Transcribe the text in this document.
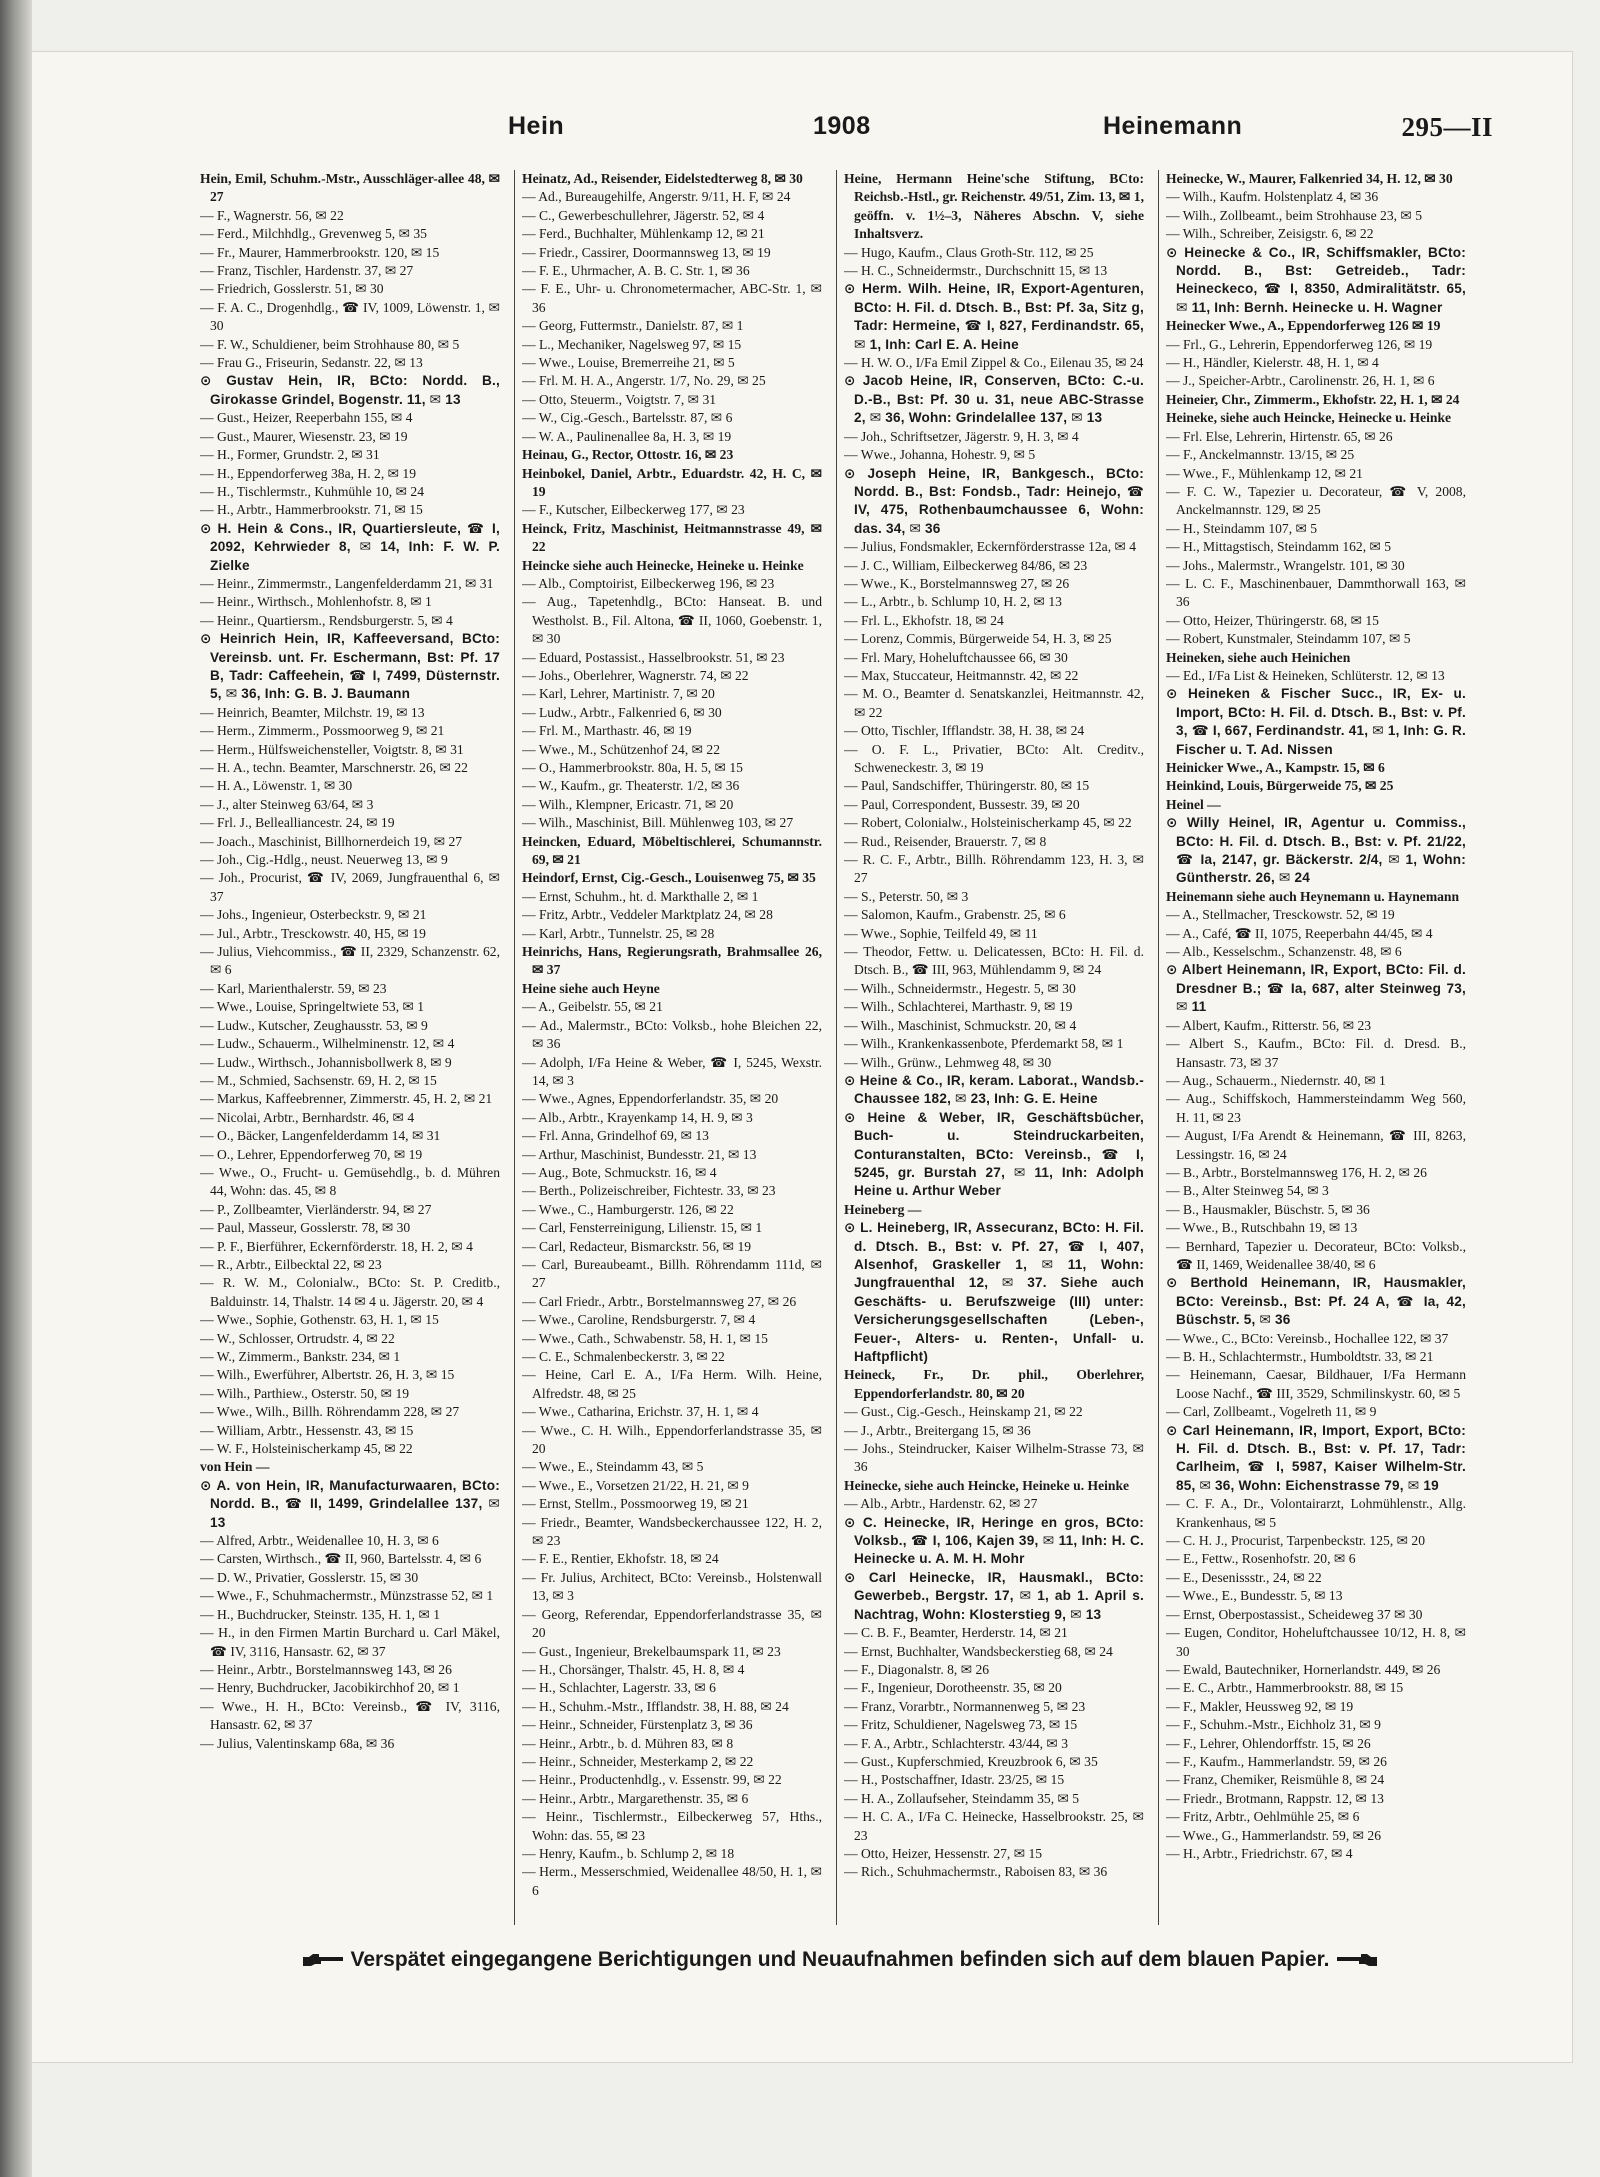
Hein	1908	Heinemann	295—II

Hein, Emil, Schuhm.-Mstr., Ausschläger-allee 48, ✉ 27

— F., Wagnerstr. 56, ✉ 22

— Ferd., Milchhdlg., Grevenweg 5, ✉ 35

— Fr., Maurer, Hammerbrookstr. 120, ✉ 15

— Franz, Tischler, Hardenstr. 37, ✉ 27

— Friedrich, Gosslerstr. 51, ✉ 30

— F. A. C., Drogenhdlg., ☎ IV, 1009, Löwenstr. 1, ✉ 30

— F. W., Schuldiener, beim Strohhause 80, ✉ 5

— Frau G., Friseurin, Sedanstr. 22, ✉ 13

⊙ Gustav Hein, IR, BCto: Nordd. B., Girokasse Grindel, Bogenstr. 11, ✉ 13

— Gust., Heizer, Reeperbahn 155, ✉ 4

— Gust., Maurer, Wiesenstr. 23, ✉ 19

— H., Former, Grundstr. 2, ✉ 31

— H., Eppendorferweg 38a, H. 2, ✉ 19

— H., Tischlermstr., Kuhmühle 10, ✉ 24

— H., Arbtr., Hammerbrookstr. 71, ✉ 15

⊙ H. Hein & Cons., IR, Quartiersleute, ☎ I, 2092, Kehrwieder 8, ✉ 14, Inh: F. W. P. Zielke

— Heinr., Zimmermstr., Langenfelderdamm 21, ✉ 31

— Heinr., Wirthsch., Mohlenhofstr. 8, ✉ 1

— Heinr., Quartiersm., Rendsburgerstr. 5, ✉ 4

⊙ Heinrich Hein, IR, Kaffeeversand, BCto: Vereinsb. unt. Fr. Eschermann, Bst: Pf. 17 B, Tadr: Caffeehein, ☎ I, 7499, Düsternstr. 5, ✉ 36, Inh: G. B. J. Baumann

— Heinrich, Beamter, Milchstr. 19, ✉ 13

— Herm., Zimmerm., Possmoorweg 9, ✉ 21

— Herm., Hülfsweichensteller, Voigtstr. 8, ✉ 31

— H. A., techn. Beamter, Marschnerstr. 26, ✉ 22

— H. A., Löwenstr. 1, ✉ 30

— J., alter Steinweg 63/64, ✉ 3

— Frl. J., Bellealliancestr. 24, ✉ 19

— Joach., Maschinist, Billhornerdeich 19, ✉ 27

— Joh., Cig.-Hdlg., neust. Neuerweg 13, ✉ 9

— Joh., Procurist, ☎ IV, 2069, Jungfrauenthal 6, ✉ 37

— Johs., Ingenieur, Osterbeckstr. 9, ✉ 21

— Jul., Arbtr., Tresckowstr. 40, H5, ✉ 19

— Julius, Viehcommiss., ☎ II, 2329, Schanzenstr. 62, ✉ 6

— Karl, Marienthalerstr. 59, ✉ 23

— Wwe., Louise, Springeltwiete 53, ✉ 1

— Ludw., Kutscher, Zeughausstr. 53, ✉ 9

— Ludw., Schauerm., Wilhelminenstr. 12, ✉ 4

— Ludw., Wirthsch., Johannisbollwerk 8, ✉ 9

— M., Schmied, Sachsenstr. 69, H. 2, ✉ 15

— Markus, Kaffeebrenner, Zimmerstr. 45, H. 2, ✉ 21

— Nicolai, Arbtr., Bernhardstr. 46, ✉ 4

— O., Bäcker, Langenfelderdamm 14, ✉ 31

— O., Lehrer, Eppendorferweg 70, ✉ 19

— Wwe., O., Frucht- u. Gemüsehdlg., b. d. Mühren 44, Wohn: das. 45, ✉ 8

— P., Zollbeamter, Vierländerstr. 94, ✉ 27

— Paul, Masseur, Gosslerstr. 78, ✉ 30

— P. F., Bierführer, Eckernförderstr. 18, H. 2, ✉ 4

— R., Arbtr., Eilbecktal 22, ✉ 23

— R. W. M., Colonialw., BCto: St. P. Creditb., Balduinstr. 14, Thalstr. 14 ✉ 4 u. Jägerstr. 20, ✉ 4

— Wwe., Sophie, Gothenstr. 63, H. 1, ✉ 15

— W., Schlosser, Ortrudstr. 4, ✉ 22

— W., Zimmerm., Bankstr. 234, ✉ 1

— Wilh., Ewerführer, Albertstr. 26, H. 3, ✉ 15

— Wilh., Parthiew., Osterstr. 50, ✉ 19

— Wwe., Wilh., Billh. Röhrendamm 228, ✉ 27

— William, Arbtr., Hessenstr. 43, ✉ 15

— W. F., Holsteinischerkamp 45, ✉ 22

von Hein —

⊙ A. von Hein, IR, Manufacturwaaren, BCto: Nordd. B., ☎ II, 1499, Grindelallee 137, ✉ 13

— Alfred, Arbtr., Weidenallee 10, H. 3, ✉ 6

— Carsten, Wirthsch., ☎ II, 960, Bartelsstr. 4, ✉ 6

— D. W., Privatier, Gosslerstr. 15, ✉ 30

— Wwe., F., Schuhmachermstr., Münzstrasse 52, ✉ 1

— H., Buchdrucker, Steinstr. 135, H. 1, ✉ 1

— H., in den Firmen Martin Burchard u. Carl Mäkel, ☎ IV, 3116, Hansastr. 62, ✉ 37

— Heinr., Arbtr., Borstelmannsweg 143, ✉ 26

— Henry, Buchdrucker, Jacobikirchhof 20, ✉ 1

— Wwe., H. H., BCto: Vereinsb., ☎ IV, 3116, Hansastr. 62, ✉ 37

— Julius, Valentinskamp 68a, ✉ 36

Heinatz, Ad., Reisender, Eidelstedterweg 8, ✉ 30

— Ad., Bureaugehilfe, Angerstr. 9/11, H. F, ✉ 24

— C., Gewerbeschullehrer, Jägerstr. 52, ✉ 4

— Ferd., Buchhalter, Mühlenkamp 12, ✉ 21

— Friedr., Cassirer, Doormannsweg 13, ✉ 19

— F. E., Uhrmacher, A. B. C. Str. 1, ✉ 36

— F. E., Uhr- u. Chronometermacher, ABC-Str. 1, ✉ 36

— Georg, Futtermstr., Danielstr. 87, ✉ 1

— L., Mechaniker, Nagelsweg 97, ✉ 15

— Wwe., Louise, Bremerreihe 21, ✉ 5

— Frl. M. H. A., Angerstr. 1/7, No. 29, ✉ 25

— Otto, Steuerm., Voigtstr. 7, ✉ 31

— W., Cig.-Gesch., Bartelsstr. 87, ✉ 6

— W. A., Paulinenallee 8a, H. 3, ✉ 19

Heinau, G., Rector, Ottostr. 16, ✉ 23

Heinbokel, Daniel, Arbtr., Eduardstr. 42, H. C, ✉ 19

— F., Kutscher, Eilbeckerweg 177, ✉ 23

Heinck, Fritz, Maschinist, Heitmannstrasse 49, ✉ 22

Heincke siehe auch Heinecke, Heineke u. Heinke

— Alb., Comptoirist, Eilbeckerweg 196, ✉ 23

— Aug., Tapetenhdlg., BCto: Hanseat. B. und Westholst. B., Fil. Altona, ☎ II, 1060, Goebenstr. 1, ✉ 30

— Eduard, Postassist., Hasselbrookstr. 51, ✉ 23

— Johs., Oberlehrer, Wagnerstr. 74, ✉ 22

— Karl, Lehrer, Martinistr. 7, ✉ 20

— Ludw., Arbtr., Falkenried 6, ✉ 30

— Frl. M., Marthastr. 46, ✉ 19

— Wwe., M., Schützenhof 24, ✉ 22

— O., Hammerbrookstr. 80a, H. 5, ✉ 15

— W., Kaufm., gr. Theaterstr. 1/2, ✉ 36

— Wilh., Klempner, Ericastr. 71, ✉ 20

— Wilh., Maschinist, Bill. Mühlenweg 103, ✉ 27

Heincken, Eduard, Möbeltischlerei, Schumannstr. 69, ✉ 21

Heindorf, Ernst, Cig.-Gesch., Louisenweg 75, ✉ 35

— Ernst, Schuhm., ht. d. Markthalle 2, ✉ 1

— Fritz, Arbtr., Veddeler Marktplatz 24, ✉ 28

— Karl, Arbtr., Tunnelstr. 25, ✉ 28

Heinrichs, Hans, Regierungsrath, Brahmsallee 26, ✉ 37

Heine siehe auch Heyne

— A., Geibelstr. 55, ✉ 21

— Ad., Malermstr., BCto: Volksb., hohe Bleichen 22, ✉ 36

— Adolph, I/Fa Heine & Weber, ☎ I, 5245, Wexstr. 14, ✉ 3

— Wwe., Agnes, Eppendorferlandstr. 35, ✉ 20

— Alb., Arbtr., Krayenkamp 14, H. 9, ✉ 3

— Frl. Anna, Grindelhof 69, ✉ 13

— Arthur, Maschinist, Bundesstr. 21, ✉ 13

— Aug., Bote, Schmuckstr. 16, ✉ 4

— Berth., Polizeischreiber, Fichtestr. 33, ✉ 23

— Wwe., C., Hamburgerstr. 126, ✉ 22

— Carl, Fensterreinigung, Lilienstr. 15, ✉ 1

— Carl, Redacteur, Bismarckstr. 56, ✉ 19

— Carl, Bureaubeamt., Billh. Röhrendamm 111d, ✉ 27

— Carl Friedr., Arbtr., Borstelmannsweg 27, ✉ 26

— Wwe., Caroline, Rendsburgerstr. 7, ✉ 4

— Wwe., Cath., Schwabenstr. 58, H. 1, ✉ 15

— C. E., Schmalenbeckerstr. 3, ✉ 22

— Heine, Carl E. A., I/Fa Herm. Wilh. Heine, Alfredstr. 48, ✉ 25

— Wwe., Catharina, Erichstr. 37, H. 1, ✉ 4

— Wwe., C. H. Wilh., Eppendorferlandstrasse 35, ✉ 20

— Wwe., E., Steindamm 43, ✉ 5

— Wwe., E., Vorsetzen 21/22, H. 21, ✉ 9

— Ernst, Stellm., Possmoorweg 19, ✉ 21

— Friedr., Beamter, Wandsbeckerchaussee 122, H. 2, ✉ 23

— F. E., Rentier, Ekhofstr. 18, ✉ 24

— Fr. Julius, Architect, BCto: Vereinsb., Holstenwall 13, ✉ 3

— Georg, Referendar, Eppendorferlandstrasse 35, ✉ 20

— Gust., Ingenieur, Brekelbaumspark 11, ✉ 23

— H., Chorsänger, Thalstr. 45, H. 8, ✉ 4

— H., Schlachter, Lagerstr. 33, ✉ 6

— H., Schuhm.-Mstr., Ifflandstr. 38, H. 88, ✉ 24

— Heinr., Schneider, Fürstenplatz 3, ✉ 36

— Heinr., Arbtr., b. d. Mühren 83, ✉ 8

— Heinr., Schneider, Mesterkamp 2, ✉ 22

— Heinr., Productenhdlg., v. Essenstr. 99, ✉ 22

— Heinr., Arbtr., Margarethenstr. 35, ✉ 6

— Heinr., Tischlermstr., Eilbeckerweg 57, Hths., Wohn: das. 55, ✉ 23

— Henry, Kaufm., b. Schlump 2, ✉ 18

— Herm., Messerschmied, Weidenallee 48/50, H. 1, ✉ 6

Heine, Hermann Heine'sche Stiftung, BCto: Reichsb.-Hstl., gr. Reichenstr. 49/51, Zim. 13, ✉ 1, geöffn. v. 1½–3, Näheres Abschn. V, siehe Inhaltsverz.

— Hugo, Kaufm., Claus Groth-Str. 112, ✉ 25

— H. C., Schneidermstr., Durchschnitt 15, ✉ 13

⊙ Herm. Wilh. Heine, IR, Export-Agenturen, BCto: H. Fil. d. Dtsch. B., Bst: Pf. 3a, Sitz g, Tadr: Hermeine, ☎ I, 827, Ferdinandstr. 65, ✉ 1, Inh: Carl E. A. Heine

— H. W. O., I/Fa Emil Zippel & Co., Eilenau 35, ✉ 24

⊙ Jacob Heine, IR, Conserven, BCto: C.-u. D.-B., Bst: Pf. 30 u. 31, neue ABC-Strasse 2, ✉ 36, Wohn: Grindelallee 137, ✉ 13

— Joh., Schriftsetzer, Jägerstr. 9, H. 3, ✉ 4

— Wwe., Johanna, Hohestr. 9, ✉ 5

⊙ Joseph Heine, IR, Bankgesch., BCto: Nordd. B., Bst: Fondsb., Tadr: Heinejo, ☎ IV, 475, Rothenbaumchaussee 6, Wohn: das. 34, ✉ 36

— Julius, Fondsmakler, Eckernförderstrasse 12a, ✉ 4

— J. C., William, Eilbeckerweg 84/86, ✉ 23

— Wwe., K., Borstelmannsweg 27, ✉ 26

— L., Arbtr., b. Schlump 10, H. 2, ✉ 13

— Frl. L., Ekhofstr. 18, ✉ 24

— Lorenz, Commis, Bürgerweide 54, H. 3, ✉ 25

— Frl. Mary, Hoheluftchaussee 66, ✉ 30

— Max, Stuccateur, Heitmannstr. 42, ✉ 22

— M. O., Beamter d. Senatskanzlei, Heitmannstr. 42, ✉ 22

— Otto, Tischler, Ifflandstr. 38, H. 38, ✉ 24

— O. F. L., Privatier, BCto: Alt. Creditv., Schweneckestr. 3, ✉ 19

— Paul, Sandschiffer, Thüringerstr. 80, ✉ 15

— Paul, Correspondent, Bussestr. 39, ✉ 20

— Robert, Colonialw., Holsteinischerkamp 45, ✉ 22

— Rud., Reisender, Brauerstr. 7, ✉ 8

— R. C. F., Arbtr., Billh. Röhrendamm 123, H. 3, ✉ 27

— S., Peterstr. 50, ✉ 3

— Salomon, Kaufm., Grabenstr. 25, ✉ 6

— Wwe., Sophie, Teilfeld 49, ✉ 11

— Theodor, Fettw. u. Delicatessen, BCto: H. Fil. d. Dtsch. B., ☎ III, 963, Mühlendamm 9, ✉ 24

— Wilh., Schneidermstr., Hegestr. 5, ✉ 30

— Wilh., Schlachterei, Marthastr. 9, ✉ 19

— Wilh., Maschinist, Schmuckstr. 20, ✉ 4

— Wilh., Krankenkassenbote, Pferdemarkt 58, ✉ 1

— Wilh., Grünw., Lehmweg 48, ✉ 30

⊙ Heine & Co., IR, keram. Laborat., Wandsb.-Chaussee 182, ✉ 23, Inh: G. E. Heine

⊙ Heine & Weber, IR, Geschäftsbücher, Buch- u. Steindruckarbeiten, Conturanstalten, BCto: Vereinsb., ☎ I, 5245, gr. Burstah 27, ✉ 11, Inh: Adolph Heine u. Arthur Weber

Heineberg —

⊙ L. Heineberg, IR, Assecuranz, BCto: H. Fil. d. Dtsch. B., Bst: v. Pf. 27, ☎ I, 407, Alsenhof, Graskeller 1, ✉ 11, Wohn: Jungfrauenthal 12, ✉ 37. Siehe auch Geschäfts- u. Berufszweige (III) unter: Versicherungsgesellschaften (Leben-, Feuer-, Alters- u. Renten-, Unfall- u. Haftpflicht)

Heineck, Fr., Dr. phil., Oberlehrer, Eppendorferlandstr. 80, ✉ 20

— Gust., Cig.-Gesch., Heinskamp 21, ✉ 22

— J., Arbtr., Breitergang 15, ✉ 36

— Johs., Steindrucker, Kaiser Wilhelm-Strasse 73, ✉ 36

Heinecke, siehe auch Heincke, Heineke u. Heinke

— Alb., Arbtr., Hardenstr. 62, ✉ 27

⊙ C. Heinecke, IR, Heringe en gros, BCto: Volksb., ☎ I, 106, Kajen 39, ✉ 11, Inh: H. C. Heinecke u. A. M. H. Mohr

⊙ Carl Heinecke, IR, Hausmakl., BCto: Gewerbeb., Bergstr. 17, ✉ 1, ab 1. April s. Nachtrag, Wohn: Klosterstieg 9, ✉ 13

— C. B. F., Beamter, Herderstr. 14, ✉ 21

— Ernst, Buchhalter, Wandsbeckerstieg 68, ✉ 24

— F., Diagonalstr. 8, ✉ 26

— F., Ingenieur, Dorotheenstr. 35, ✉ 20

— Franz, Vorarbtr., Normannenweg 5, ✉ 23

— Fritz, Schuldiener, Nagelsweg 73, ✉ 15

— F. A., Arbtr., Schlachterstr. 43/44, ✉ 3

— Gust., Kupferschmied, Kreuzbrook 6, ✉ 35

— H., Postschaffner, Idastr. 23/25, ✉ 15

— H. A., Zollaufseher, Steindamm 35, ✉ 5

— H. C. A., I/Fa C. Heinecke, Hasselbrookstr. 25, ✉ 23

— Otto, Heizer, Hessenstr. 27, ✉ 15

— Rich., Schuhmachermstr., Raboisen 83, ✉ 36

Heinecke, W., Maurer, Falkenried 34, H. 12, ✉ 30

— Wilh., Kaufm. Holstenplatz 4, ✉ 36

— Wilh., Zollbeamt., beim Strohhause 23, ✉ 5

— Wilh., Schreiber, Zeisigstr. 6, ✉ 22

⊙ Heinecke & Co., IR, Schiffsmakler, BCto: Nordd. B., Bst: Getreideb., Tadr: Heineckeco, ☎ I, 8350, Admiralitätstr. 65, ✉ 11, Inh: Bernh. Heinecke u. H. Wagner

Heinecker Wwe., A., Eppendorferweg 126 ✉ 19

— Frl., G., Lehrerin, Eppendorferweg 126, ✉ 19

— H., Händler, Kielerstr. 48, H. 1, ✉ 4

— J., Speicher-Arbtr., Carolinenstr. 26, H. 1, ✉ 6

Heineier, Chr., Zimmerm., Ekhofstr. 22, H. 1, ✉ 24

Heineke, siehe auch Heincke, Heinecke u. Heinke

— Frl. Else, Lehrerin, Hirtenstr. 65, ✉ 26

— F., Anckelmannstr. 13/15, ✉ 25

— Wwe., F., Mühlenkamp 12, ✉ 21

— F. C. W., Tapezier u. Decorateur, ☎ V, 2008, Anckelmannstr. 129, ✉ 25

— H., Steindamm 107, ✉ 5

— H., Mittagstisch, Steindamm 162, ✉ 5

— Johs., Malermstr., Wrangelstr. 101, ✉ 30

— L. C. F., Maschinenbauer, Dammthorwall 163, ✉ 36

— Otto, Heizer, Thüringerstr. 68, ✉ 15

— Robert, Kunstmaler, Steindamm 107, ✉ 5

Heineken, siehe auch Heinichen

— Ed., I/Fa List & Heineken, Schlüterstr. 12, ✉ 13

⊙ Heineken & Fischer Succ., IR, Ex- u. Import, BCto: H. Fil. d. Dtsch. B., Bst: v. Pf. 3, ☎ I, 667, Ferdinandstr. 41, ✉ 1, Inh: G. R. Fischer u. T. Ad. Nissen

Heinicker Wwe., A., Kampstr. 15, ✉ 6

Heinkind, Louis, Bürgerweide 75, ✉ 25

Heinel —

⊙ Willy Heinel, IR, Agentur u. Commiss., BCto: H. Fil. d. Dtsch. B., Bst: v. Pf. 21/22, ☎ Ia, 2147, gr. Bäckerstr. 2/4, ✉ 1, Wohn: Güntherstr. 26, ✉ 24

Heinemann siehe auch Heynemann u. Haynemann

— A., Stellmacher, Tresckowstr. 52, ✉ 19

— A., Café, ☎ II, 1075, Reeperbahn 44/45, ✉ 4

— Alb., Kesselschm., Schanzenstr. 48, ✉ 6

⊙ Albert Heinemann, IR, Export, BCto: Fil. d. Dresdner B.; ☎ Ia, 687, alter Steinweg 73, ✉ 11

— Albert, Kaufm., Ritterstr. 56, ✉ 23

— Albert S., Kaufm., BCto: Fil. d. Dresd. B., Hansastr. 73, ✉ 37

— Aug., Schauerm., Niedernstr. 40, ✉ 1

— Aug., Schiffskoch, Hammersteindamm Weg 560, H. 11, ✉ 23

— August, I/Fa Arendt & Heinemann, ☎ III, 8263, Lessingstr. 16, ✉ 24

— B., Arbtr., Borstelmannsweg 176, H. 2, ✉ 26

— B., Alter Steinweg 54, ✉ 3

— B., Hausmakler, Büschstr. 5, ✉ 36

— Wwe., B., Rutschbahn 19, ✉ 13

— Bernhard, Tapezier u. Decorateur, BCto: Volksb., ☎ II, 1469, Weidenallee 38/40, ✉ 6

⊙ Berthold Heinemann, IR, Hausmakler, BCto: Vereinsb., Bst: Pf. 24 A, ☎ Ia, 42, Büschstr. 5, ✉ 36

— Wwe., C., BCto: Vereinsb., Hochallee 122, ✉ 37

— B. H., Schlachtermstr., Humboldtstr. 33, ✉ 21

— Heinemann, Caesar, Bildhauer, I/Fa Hermann Loose Nachf., ☎ III, 3529, Schmilinskystr. 60, ✉ 5

— Carl, Zollbeamt., Vogelreth 11, ✉ 9

⊙ Carl Heinemann, IR, Import, Export, BCto: H. Fil. d. Dtsch. B., Bst: v. Pf. 17, Tadr: Carlheim, ☎ I, 5987, Kaiser Wilhelm-Str. 85, ✉ 36, Wohn: Eichenstrasse 79, ✉ 19

— C. F. A., Dr., Volontairarzt, Lohmühlenstr., Allg. Krankenhaus, ✉ 5

— C. H. J., Procurist, Tarpenbeckstr. 125, ✉ 20

— E., Fettw., Rosenhofstr. 20, ✉ 6

— E., Desenissstr., 24, ✉ 22

— Wwe., E., Bundesstr. 5, ✉ 13

— Ernst, Oberpostassist., Scheideweg 37 ✉ 30

— Eugen, Conditor, Hoheluftchaussee 10/12, H. 8, ✉ 30

— Ewald, Bautechniker, Hornerlandstr. 449, ✉ 26

— E. C., Arbtr., Hammerbrookstr. 88, ✉ 15

— F., Makler, Heussweg 92, ✉ 19

— F., Schuhm.-Mstr., Eichholz 31, ✉ 9

— F., Lehrer, Ohlendorffstr. 15, ✉ 26

— F., Kaufm., Hammerlandstr. 59, ✉ 26

— Franz, Chemiker, Reismühle 8, ✉ 24

— Friedr., Brotmann, Rappstr. 12, ✉ 13

— Fritz, Arbtr., Oehlmühle 25, ✉ 6

— Wwe., G., Hammerlandstr. 59, ✉ 26

— H., Arbtr., Friedrichstr. 67, ✉ 4

Verspätet eingegangene Berichtigungen und Neuaufnahmen befinden sich auf dem blauen Papier.
